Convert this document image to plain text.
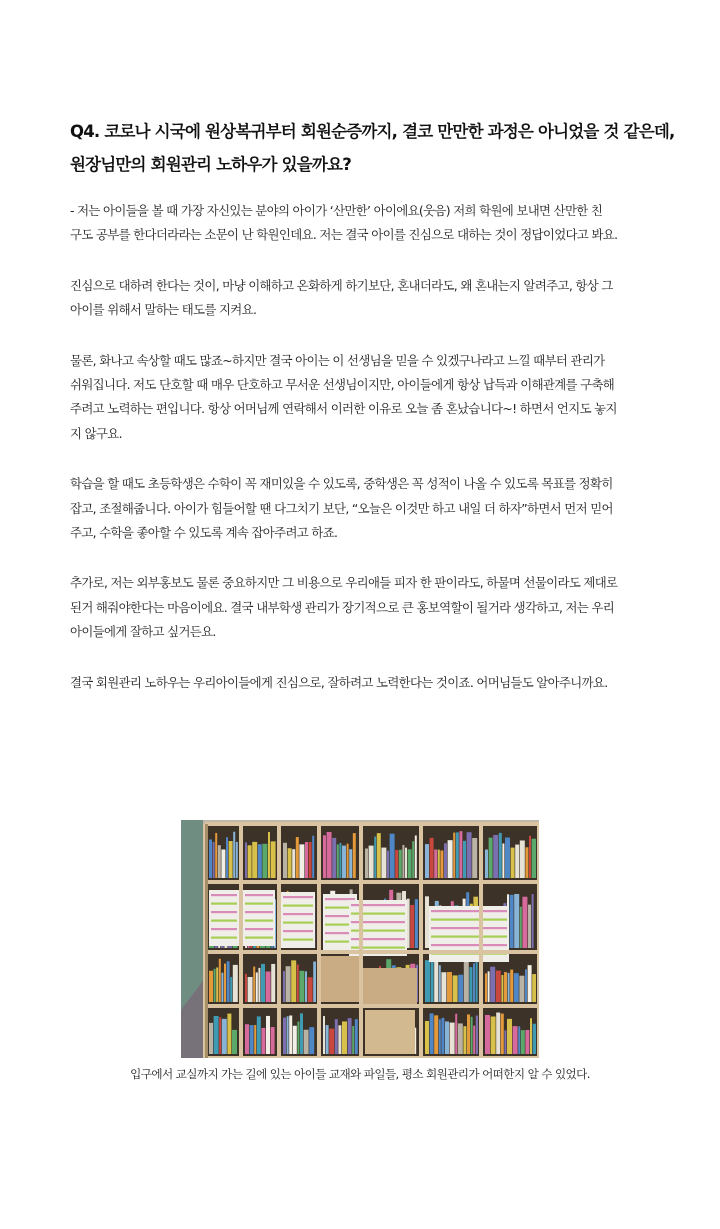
Q4. 코로나 시국에 원상복귀부터 회원순증까지, 결코 만만한 과정은 아니었을 것 같은데,
원장님만의 회원관리 노하우가 있을까요?

- 저는 아이들을 볼 때 가장 자신있는 분야의 아이가 ‘산만한’ 아이에요(웃음) 저희 학원에 보내면 산만한 친
구도 공부를 한다더라라는 소문이 난 학원인데요. 저는 결국 아이를 진심으로 대하는 것이 정답이었다고 봐요.

진심으로 대하려 한다는 것이, 마냥 이해하고 온화하게 하기보단, 혼내더라도, 왜 혼내는지 알려주고, 항상 그
아이를 위해서 말하는 태도를 지켜요.

물론, 화나고 속상할 때도 많죠~하지만 결국 아이는 이 선생님을 믿을 수 있겠구나라고 느낄 때부터 관리가
쉬워집니다. 저도 단호할 때 매우 단호하고 무서운 선생님이지만, 아이들에게 항상 납득과 이해관계를 구축해
주려고 노력하는 편입니다. 항상 어머님께 연락해서 이러한 이유로 오늘 좀 혼났습니다~! 하면서 언지도 놓지
지 않구요.

학습을 할 때도 초등학생은 수학이 꼭 재미있을 수 있도록, 중학생은 꼭 성적이 나올 수 있도록 목표를 정확히
잡고, 조절해줍니다. 아이가 힘들어할 땐 다그치기 보단, “오늘은 이것만 하고 내일 더 하자”하면서 먼저 믿어
주고, 수학을 좋아할 수 있도록 계속 잡아주려고 하죠.

추가로, 저는 외부홍보도 물론 중요하지만 그 비용으로 우리애들 피자 한 판이라도, 하물며 선물이라도 제대로
된거 해줘야한다는 마음이에요. 결국 내부학생 관리가 장기적으로 큰 홍보역할이 될거라 생각하고, 저는 우리
아이들에게 잘하고 싶거든요.

결국 회원관리 노하우는 우리아이들에게 진심으로, 잘하려고 노력한다는 것이죠. 어머님들도 알아주니까요.

입구에서 교실까지 가는 길에 있는 아이들 교재와 파일들, 평소 회원관리가 어떠한지 알 수 있었다.
